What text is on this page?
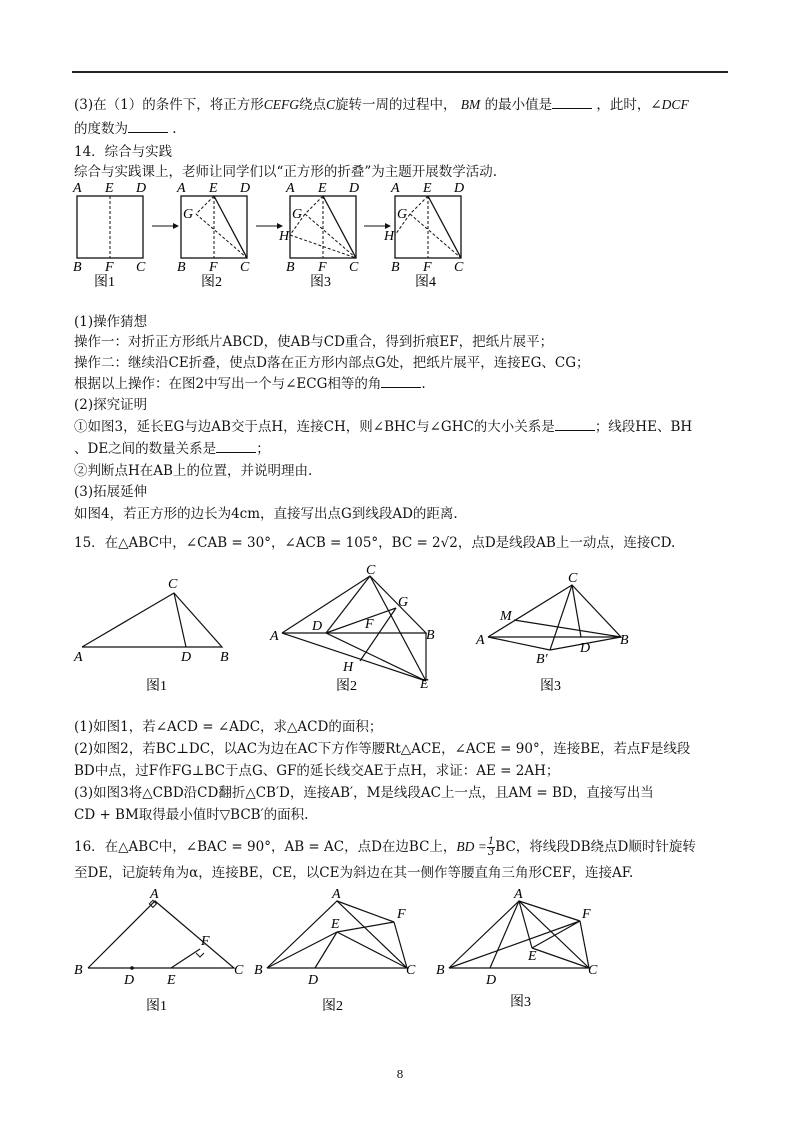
(3)在（1）的条件下，将正方形CEFG绕点C旋转一周的过程中， BM 的最小值是	，此时，∠DCF
的度数为	.
14．综合与实践
综合与实践课上，老师让同学们以“正方形的折叠”为主题开展数学活动.
A E D
B F C
图1
A E D
G
B F C
图2
A E D
G
H
B F C
图3
A E D
G
H
B F C
图4
(1)操作猜想
操作一：对折正方形纸片ABCD，使AB与CD重合，得到折痕EF，把纸片展平；
操作二：继续沿CE折叠，使点D落在正方形内部点G处，把纸片展平，连接EG、CG；
根据以上操作：在图2中写出一个与∠ECG相等的角	.
(2)探究证明
①如图3，延长EG与边AB交于点H，连接CH，则∠BHC与∠GHC的大小关系是	；线段HE、BH
、DE之间的数量关系是	；
②判断点H在AB上的位置，并说明理由.
(3)拓展延伸
如图4，若正方形的边长为4cm，直接写出点G到线段AD的距离.
15．在△ABC中，∠CAB = 30°，∠ACB = 105°，BC = 2√2，点D是线段AB上一动点，连接CD.
C
A	D B
图1
C
G
A
D	F
B
H
E
图2
C
M
A	B
D
B′
图3
(1)如图1，若∠ACD = ∠ADC，求△ACD的面积；
(2)如图2，若BC⊥DC，以AC为边在AC下方作等腰Rt△ACE，∠ACE = 90°，连接BE，若点F是线段
BD中点，过F作FG⊥BC于点G、GF的延长线交AE于点H，求证：AE = 2AH；
(3)如图3将△CBD沿CD翻折△CB′D，连接AB′，M是线段AC上一点，且AM = BD，直接写出当
CD + BM取得最小值时▽BCB′的面积.
16．在△ABC中，∠BAC = 90°，AB = AC，点D在边BC上，BD = $\frac{1}{3}$ BC，将线段DB绕点D顺时针旋转
至DE，记旋转角为α，连接BE，CE，以CE为斜边在其一侧作等腰直角三角形CEF，连接AF.
A
F
B
D E
C
图1
A
F
E
B
D
C
图2
A
F
E
B
D
C
图3
8
